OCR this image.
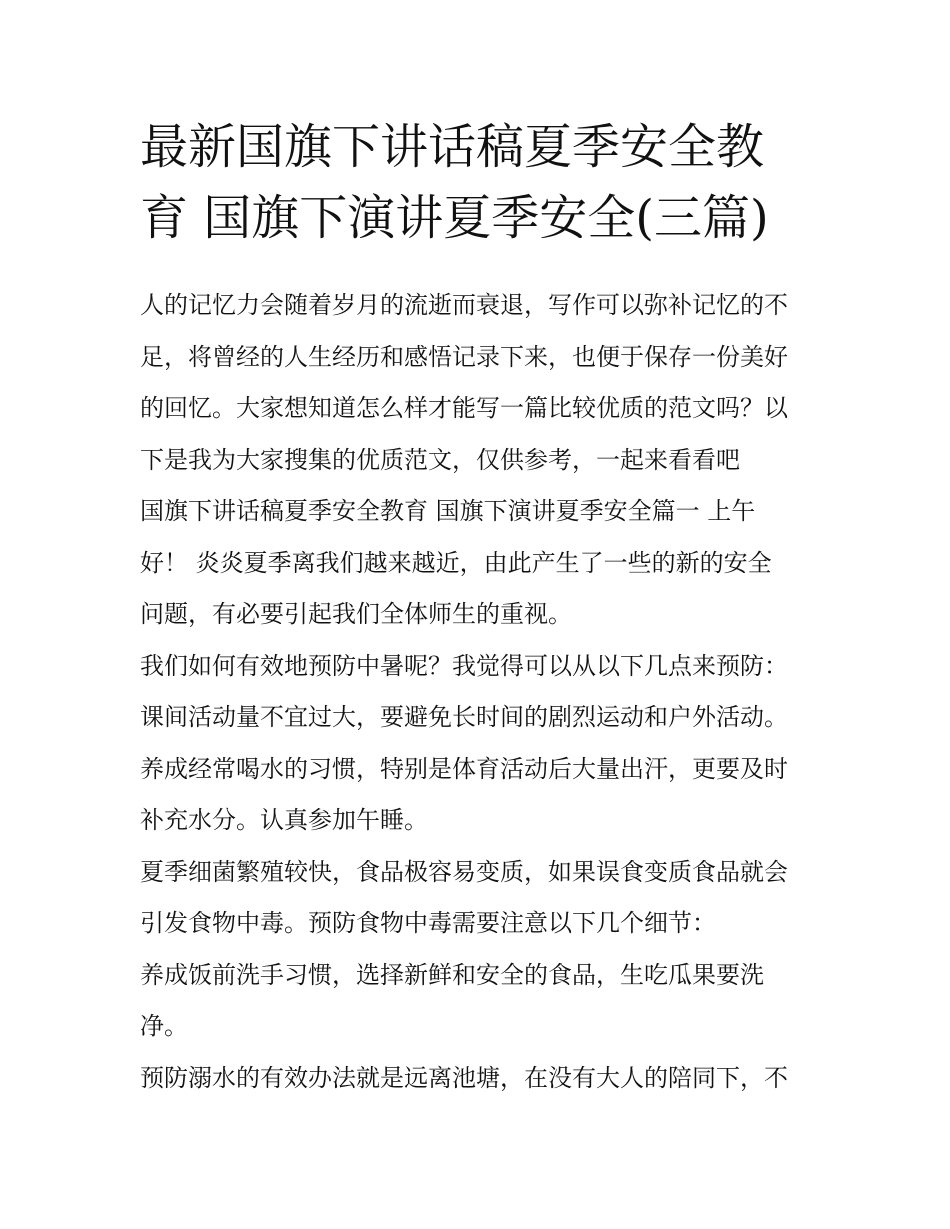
最新国旗下讲话稿夏季安全教
育 国旗下演讲夏季安全(三篇)
人的记忆力会随着岁月的流逝而衰退，写作可以弥补记忆的不
足，将曾经的人生经历和感悟记录下来，也便于保存一份美好
的回忆。大家想知道怎么样才能写一篇比较优质的范文吗？以
下是我为大家搜集的优质范文，仅供参考，一起来看看吧
国旗下讲话稿夏季安全教育 国旗下演讲夏季安全篇一 上午
好！ 炎炎夏季离我们越来越近，由此产生了一些的新的安全
问题，有必要引起我们全体师生的重视。
我们如何有效地预防中暑呢？我觉得可以从以下几点来预防：
课间活动量不宜过大，要避免长时间的剧烈运动和户外活动。
养成经常喝水的习惯，特别是体育活动后大量出汗，更要及时
补充水分。认真参加午睡。
夏季细菌繁殖较快，食品极容易变质，如果误食变质食品就会
引发食物中毒。预防食物中毒需要注意以下几个细节：
养成饭前洗手习惯，选择新鲜和安全的食品，生吃瓜果要洗
净。
预防溺水的有效办法就是远离池塘，在没有大人的陪同下，不
